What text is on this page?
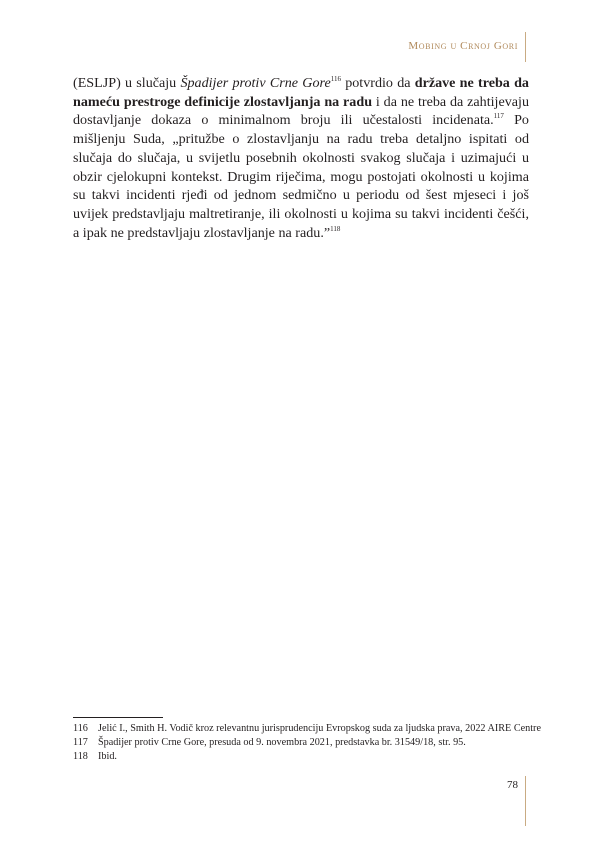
Mobing u Crnoj Gori

(ESLJP) u slučaju Špadijer protiv Crne Gore$^{116}$ potvrdio da države ne treba da nameću prestroge definicije zlostavljanja na radu i da ne treba da zahtijevaju dostavljanje dokaza o minimalnom broju ili učestalosti incidenata.$^{117}$ Po mišljenju Suda, „pritužbe o zlostavljanju na radu treba detaljno ispitati od slučaja do slučaja, u svijetlu posebnih okolnosti svakog slučaja i uzimajući u obzir cjelokupni kontekst. Drugim riječima, mogu postojati okolnosti u kojima su takvi incidenti rjeđi od jednom sedmično u periodu od šest mjeseci i još uvijek predstavljaju maltretiranje, ili okolnosti u kojima su takvi incidenti češći, a ipak ne predstavljaju zlostavljanje na radu.”$^{118}$

116 Jelić I., Smith H. Vodič kroz relevantnu jurisprudenciju Evropskog suda za ljudska prava, 2022 AIRE Centre
117 Špadijer protiv Crne Gore, presuda od 9. novembra 2021, predstavka br. 31549/18, str. 95.
118 Ibid.
78
